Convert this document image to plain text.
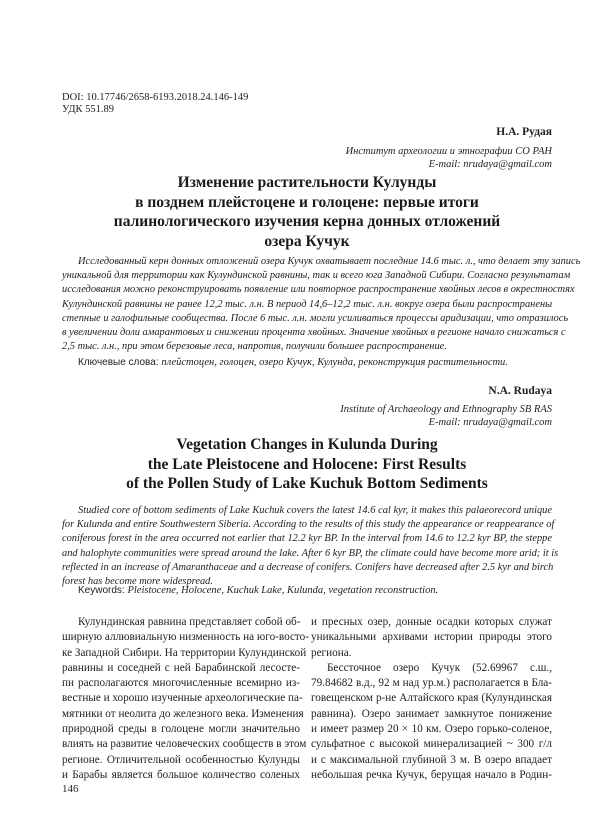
DOI: 10.17746/2658-6193.2018.24.146-149
УДК 551.89
Н.А. Рудая
Институт археологии и этнографии СО РАН
E-mail: nrudaya@gmail.com
Изменение растительности Кулунды
в позднем плейстоцене и голоцене: первые итоги
палинологического изучения керна донных отложений
озера Кучук
Исследованный керн донных отложений озера Кучук охватывает последние 14.6 тыс. л., что делает эту запись
уникальной для территории как Кулундинской равнины, так и всего юга Западной Сибири. Согласно результатам
исследования можно реконструировать появление или повторное распространение хвойных лесов в окрестностях
Кулундинской равнины не ранее 12,2 тыс. л.н. В период 14,6–12,2 тыс. л.н. вокруг озера были распространены
степные и галофильные сообщества. После 6 тыс. л.н. могли усиливаться процессы аридизации, что отразилось
в увеличении доли амарантовых и снижении процента хвойных. Значение хвойных в регионе начало снижаться с
2,5 тыс. л.н., при этом березовые леса, напротив, получили большее распространение.
Ключевые слова: плейстоцен, голоцен, озеро Кучук, Кулунда, реконструкция растительности.
N.A. Rudaya
Institute of Archaeology and Ethnography SB RAS
E-mail: nrudaya@gmail.com
Vegetation Changes in Kulunda During
the Late Pleistocene and Holocene: First Results
of the Pollen Study of Lake Kuchuk Bottom Sediments
Studied core of bottom sediments of Lake Kuchuk covers the latest 14.6 cal kyr, it makes this palaeorecord unique
for Kulunda and entire Southwestern Siberia. According to the results of this study the appearance or reappearance of
coniferous forest in the area occurred not earlier that 12.2 kyr BP. In the interval from 14.6 to 12.2 kyr BP, the steppe
and halophyte communities were spread around the lake. After 6 kyr BP, the climate could have become more arid; it is
reflected in an increase of Amaranthaceae and a decrease of conifers. Conifers have decreased after 2.5 kyr and birch
forest has become more widespread.
Keywords: Pleistocene, Holocene, Kuchuk Lake, Kulunda, vegetation reconstruction.
Кулундинская равнина представляет собой об-
ширную аллювиальную низменность на юго-восто-
ке Западной Сибири. На территории Кулундинской
равнины и соседней с ней Барабинской лесосте-
пи располагаются многочисленные всемирно из-
вестные и хорошо изученные археологические па-
мятники от неолита до железного века. Изменения
природной среды в голоцене могли значительно
влиять на развитие человеческих сообществ в этом
регионе. Отличительной особенностью Кулунды
и Барабы является большое количество соленых
и пресных озер, донные осадки которых служат
уникальными архивами истории природы этого
региона.
Бессточное озеро Кучук (52.69967 с.ш.,
79.84682 в.д., 92 м над ур.м.) располагается в Бла-
говещенском р-не Алтайского края (Кулундинская
равнина). Озеро занимает замкнутое понижение
и имеет размер 20 × 10 км. Озеро горько-соленое,
сульфатное с высокой минерализацией ~ 300 г/л
и с максимальной глубиной 3 м. В озеро впадает
небольшая речка Кучук, берущая начало в Родин-
146
